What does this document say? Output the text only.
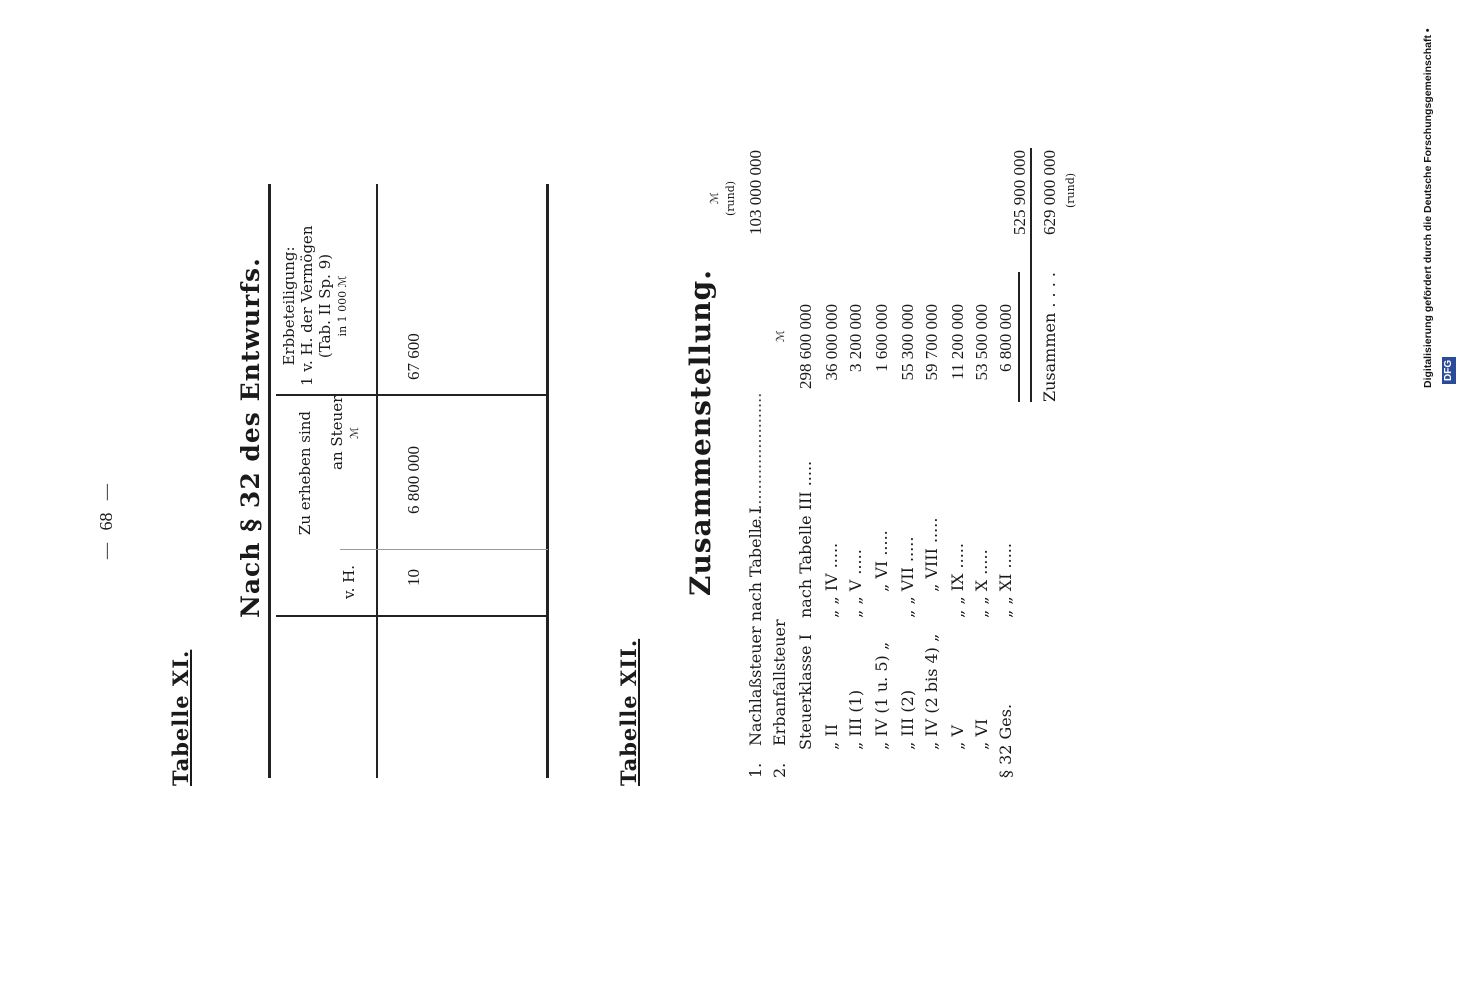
—  68  —
Tabelle XI.
Nach § 32 des Entwurfs. Erbbeteiligung: 1 v. H. der Vermögen (Tab. II Sp. 9) in 1 000 ℳ
Zu erheben sind
v. H.
an Steuer ℳ
67 600
10
6 800 000
Tabelle XII.
Zusammenstellung.
ℳ (rund)
1.
Nachlaßsteuer nach Tabelle I
...........................
103 000 000
2.
Erbanfallsteuer
ℳ
Steuerklasse I
nach Tabelle III .....
298 600 000
„ II
„ „ IV .....
36 000 000
„ III (1)
„ „ V .....
3 200 000
„ IV (1 u. 5) „
„ VI .....
1 600 000
„ III (2)
„ „ VII .....
55 300 000
„ IV (2 bis 4) „
„ VIII .....
59 700 000
„ V
„ „ IX .....
11 200 000
„ VI
„ „ X .....
53 500 000
§ 32 Ges.
„ „ XI .....
6 800 000
525 900 000
Zusammen . . . .
629 000 000 (rund)	Digitalisierung gefördert durch die Deutsche Forschungsgemeinschaft • DFG
